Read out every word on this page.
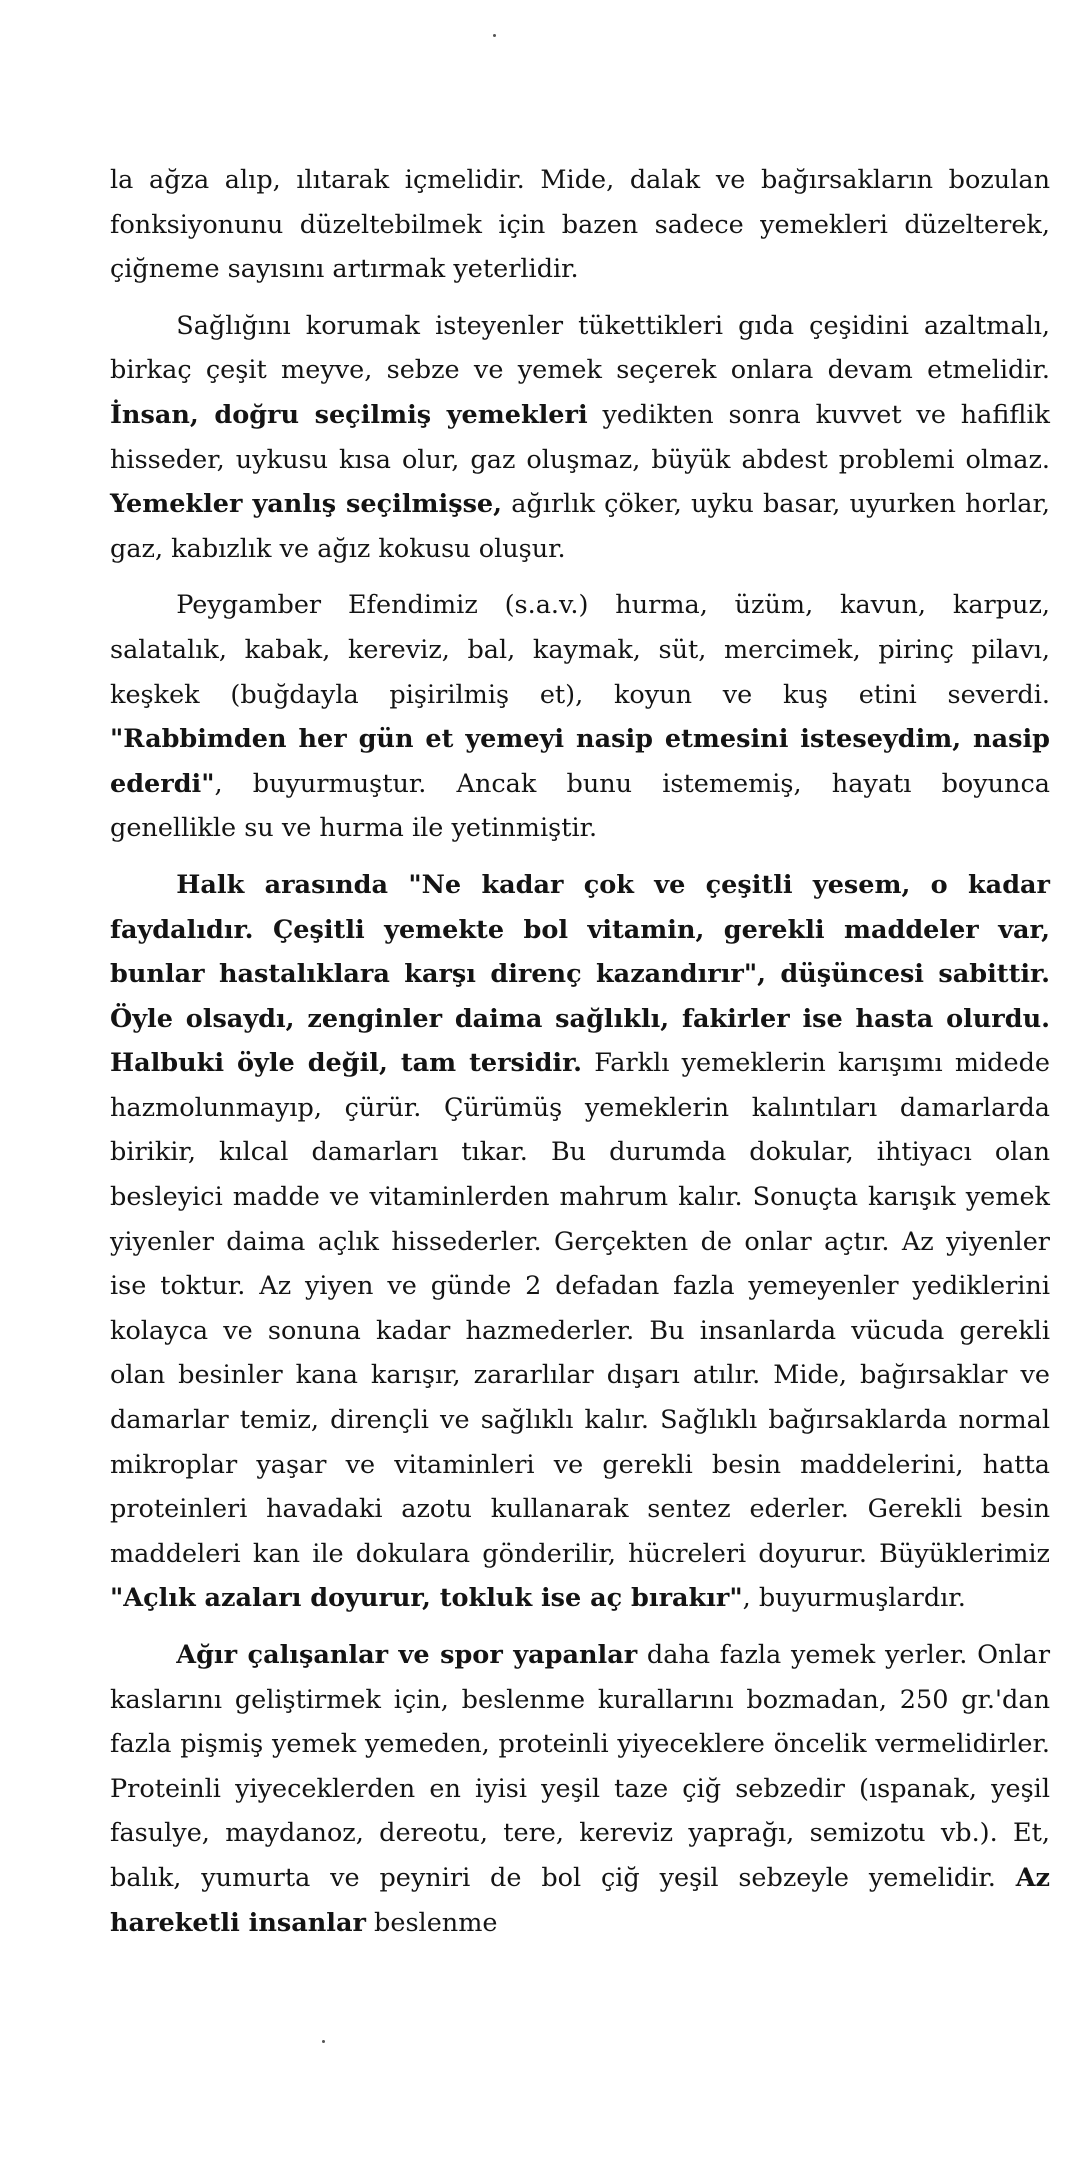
la ağza alıp, ılıtarak içmelidir. Mide, dalak ve bağırsakların bozulan fonksiyonunu düzeltebilmek için bazen sadece yemekleri düzelterek, çiğneme sayısını artırmak yeterlidir.

Sağlığını korumak isteyenler tükettikleri gıda çeşidini azaltmalı, birkaç çeşit meyve, sebze ve yemek seçerek onlara devam etmelidir. İnsan, doğru seçilmiş yemekleri yedikten sonra kuvvet ve hafiflik hisseder, uykusu kısa olur, gaz oluşmaz, büyük abdest problemi olmaz. Yemekler yanlış seçilmişse, ağırlık çöker, uyku basar, uyurken horlar, gaz, kabızlık ve ağız kokusu oluşur.

Peygamber Efendimiz (s.a.v.) hurma, üzüm, kavun, karpuz, salatalık, kabak, kereviz, bal, kaymak, süt, mercimek, pirinç pilavı, keşkek (buğdayla pişirilmiş et), koyun ve kuş etini severdi. "Rabbimden her gün et yemeyi nasip etmesini isteseydim, nasip ederdi", buyurmuştur. Ancak bunu istememiş, hayatı boyunca genellikle su ve hurma ile yetinmiştir.

Halk arasında "Ne kadar çok ve çeşitli yesem, o kadar faydalıdır. Çeşitli yemekte bol vitamin, gerekli maddeler var, bunlar hastalıklara karşı direnç kazandırır", düşüncesi sabittir. Öyle olsaydı, zenginler daima sağlıklı, fakirler ise hasta olurdu. Halbuki öyle değil, tam tersidir. Farklı yemeklerin karışımı midede hazmolunmayıp, çürür. Çürümüş yemeklerin kalıntıları damarlarda birikir, kılcal damarları tıkar. Bu durumda dokular, ihtiyacı olan besleyici madde ve vitaminlerden mahrum kalır. Sonuçta karışık yemek yiyenler daima açlık hissederler. Gerçekten de onlar açtır. Az yiyenler ise toktur. Az yiyen ve günde 2 defadan fazla yemeyenler yediklerini kolayca ve sonuna kadar hazmederler. Bu insanlarda vücuda gerekli olan besinler kana karışır, zararlılar dışarı atılır. Mide, bağırsaklar ve damarlar temiz, dirençli ve sağlıklı kalır. Sağlıklı bağırsaklarda normal mikroplar yaşar ve vitaminleri ve gerekli besin maddelerini, hatta proteinleri havadaki azotu kullanarak sentez ederler. Gerekli besin maddeleri kan ile dokulara gönderilir, hücreleri doyurur. Büyüklerimiz "Açlık azaları doyurur, tokluk ise aç bırakır", buyurmuşlardır.

Ağır çalışanlar ve spor yapanlar daha fazla yemek yerler. Onlar kaslarını geliştirmek için, beslenme kurallarını bozmadan, 250 gr.'dan fazla pişmiş yemek yemeden, proteinli yiyeceklere öncelik vermelidirler. Proteinli yiyeceklerden en iyisi yeşil taze çiğ sebzedir (ıspanak, yeşil fasulye, maydanoz, dereotu, tere, kereviz yaprağı, semizotu vb.). Et, balık, yumurta ve peyniri de bol çiğ yeşil sebzeyle yemelidir. Az hareketli insanlar beslenme
